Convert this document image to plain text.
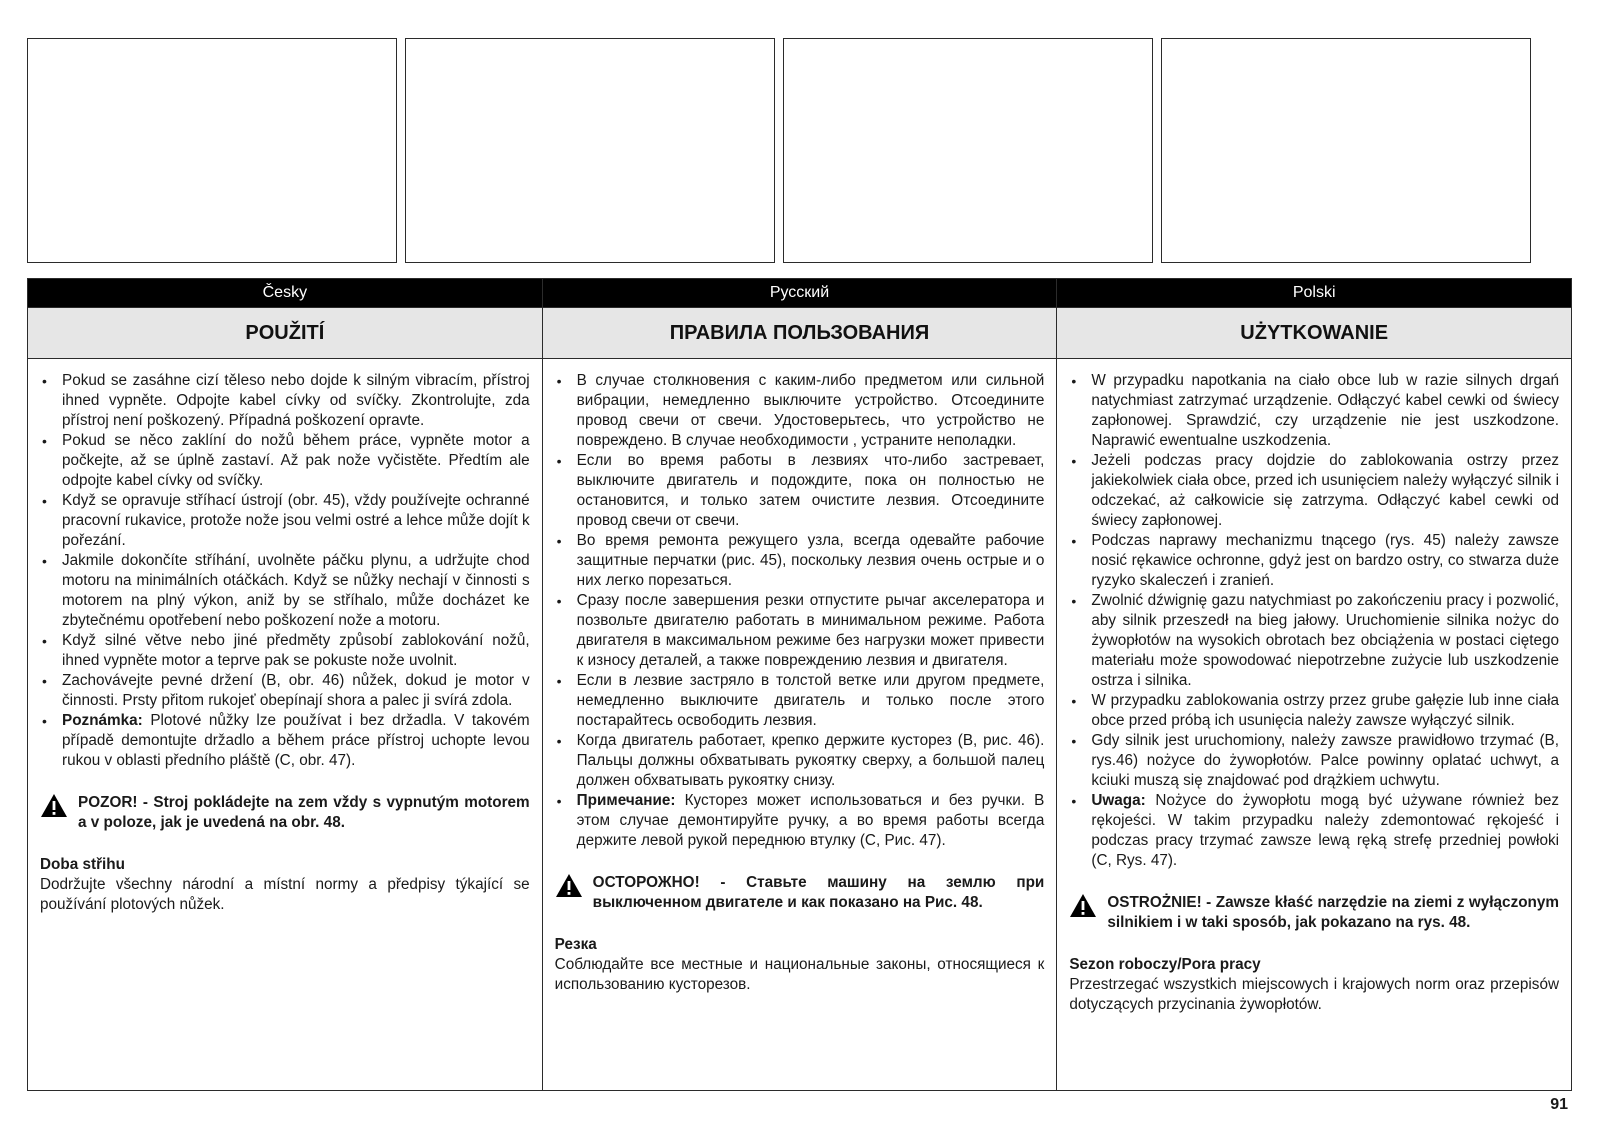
Česky
POUŽITÍ
• Pokud se zasáhne cizí těleso nebo dojde k silným vibracím, přístroj ihned vypněte. Odpojte kabel cívky od svíčky. Zkontrolujte, zda přístroj není poškozený. Případná poškození opravte.
• Pokud se něco zaklíní do nožů během práce, vypněte motor a počkejte, až se úplně zastaví. Až pak nože vyčistěte. Předtím ale odpojte kabel cívky od svíčky.
• Když se opravuje stříhací ústrojí (obr. 45), vždy používejte ochranné pracovní rukavice, protože nože jsou velmi ostré a lehce může dojít k pořezání.
• Jakmile dokončíte stříhání, uvolněte páčku plynu, a udržujte chod motoru na minimálních otáčkách. Když se nůžky nechají v činnosti s motorem na plný výkon, aniž by se stříhalo, může docházet ke zbytečnému opotřebení nebo poškození nože a motoru.
• Když silné větve nebo jiné předměty způsobí zablokování nožů, ihned vypněte motor a teprve pak se pokuste nože uvolnit.
• Zachovávejte pevné držení (B, obr. 46) nůžek, dokud je motor v činnosti. Prsty přitom rukojeť obepínají shora a palec ji svírá zdola.
• Poznámka: Plotové nůžky lze používat i bez držadla. V takovém případě demontujte držadlo a během práce přístroj uchopte levou rukou v oblasti předního pláště (C, obr. 47).
POZOR! - Stroj pokládejte na zem vždy s vypnutým motorem a v poloze, jak je uvedená na obr. 48.
Doba střihu
Dodržujte všechny národní a místní normy a předpisy týkající se používání plotových nůžek.
Русский
ПРАВИЛА ПОЛЬЗОВАНИЯ
• В случае столкновения с каким-либо предметом или сильной вибрации, немедленно выключите устройство. Отсоедините провод свечи от свечи. Удостоверьтесь, что устройство не повреждено. В случае необходимости , устраните неполадки.
• Если во время работы в лезвиях что-либо застревает, выключите двигатель и подождите, пока он полностью не остановится, и только затем очистите лезвия. Отсоедините провод свечи от свечи.
• Во время ремонта режущего узла, всегда одевайте рабочие защитные перчатки (рис. 45), поскольку лезвия очень острые и о них легко порезаться.
• Сразу после завершения резки отпустите рычаг акселератора и позвольте двигателю работать в минимальном режиме. Работа двигателя в максимальном режиме без нагрузки может привести к износу деталей, а также повреждению лезвия и двигателя.
• Если в лезвие застряло в толстой ветке или другом предмете, немедленно выключите двигатель и только после этого постарайтесь освободить лезвия.
• Когда двигатель работает, крепко держите кусторез (B, рис. 46). Пальцы должны обхватывать рукоятку сверху, а большой палец должен обхватывать рукоятку снизу.
• Примечание: Кусторез может использоваться и без ручки. В этом случае демонтируйте ручку, а во время работы всегда держите левой рукой переднюю втулку (C, Рис. 47).
ОСТОРОЖНО! - Ставьте машину на землю при выключенном двигателе и как показано на Рис. 48.
Резка
Соблюдайте все местные и национальные законы, относящиеся к использованию кусторезов.
Polski
UŻYTKOWANIE
• W przypadku napotkania na ciało obce lub w razie silnych drgań natychmiast zatrzymać urządzenie. Odłączyć kabel cewki od świecy zapłonowej. Sprawdzić, czy urządzenie nie jest uszkodzone. Naprawić ewentualne uszkodzenia.
• Jeżeli podczas pracy dojdzie do zablokowania ostrzy przez jakiekolwiek ciała obce, przed ich usunięciem należy wyłączyć silnik i odczekać, aż całkowicie się zatrzyma. Odłączyć kabel cewki od świecy zapłonowej.
• Podczas naprawy mechanizmu tnącego (rys. 45) należy zawsze nosić rękawice ochronne, gdyż jest on bardzo ostry, co stwarza duże ryzyko skaleczeń i zranień.
• Zwolnić dźwignię gazu natychmiast po zakończeniu pracy i pozwolić, aby silnik przeszedł na bieg jałowy. Uruchomienie silnika nożyc do żywopłotów na wysokich obrotach bez obciążenia w postaci ciętego materiału może spowodować niepotrzebne zużycie lub uszkodzenie ostrza i silnika.
• W przypadku zablokowania ostrzy przez grube gałęzie lub inne ciała obce przed próbą ich usunięcia należy zawsze wyłączyć silnik.
• Gdy silnik jest uruchomiony, należy zawsze prawidłowo trzymać (B, rys.46) nożyce do żywopłotów. Palce powinny oplatać uchwyt, a kciuki muszą się znajdować pod drążkiem uchwytu.
• Uwaga: Nożyce do żywopłotu mogą być używane również bez rękojeści. W takim przypadku należy zdemontować rękojeść i podczas pracy trzymać zawsze lewą ręką strefę przedniej powłoki (C, Rys. 47).
OSTROŻNIE! - Zawsze kłaść narzędzie na ziemi z wyłączonym silnikiem i w taki sposób, jak pokazano na rys. 48.
Sezon roboczy/Pora pracy
Przestrzegać wszystkich miejscowych i krajowych norm oraz przepisów dotyczących przycinania żywopłotów.
91
